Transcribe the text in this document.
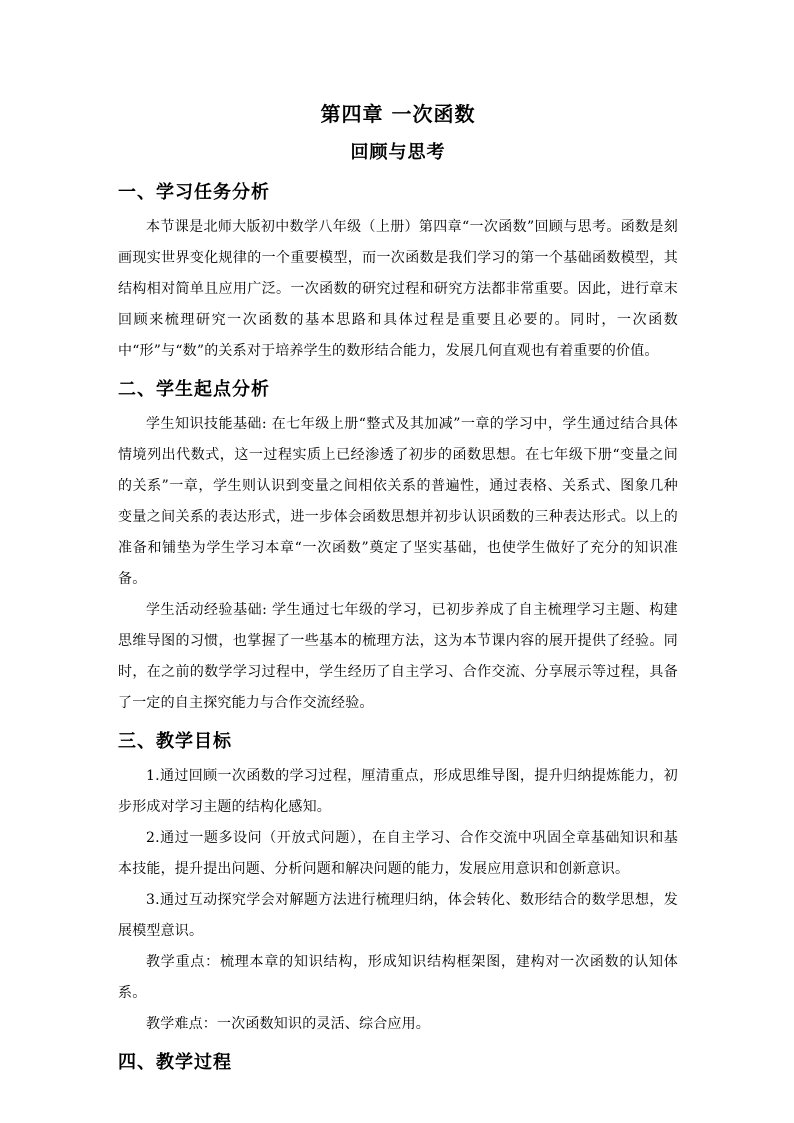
第四章 一次函数
回顾与思考
一、学习任务分析

本节课是北师大版初中数学八年级（上册）第四章“一次函数”回顾与思考。函数是刻画现实世界变化规律的一个重要模型，而一次函数是我们学习的第一个基础函数模型，其结构相对简单且应用广泛。一次函数的研究过程和研究方法都非常重要。因此，进行章末回顾来梳理研究一次函数的基本思路和具体过程是重要且必要的。同时，一次函数中“形”与“数”的关系对于培养学生的数形结合能力，发展几何直观也有着重要的价值。

二、学生起点分析

学生知识技能基础: 在七年级上册“整式及其加减”一章的学习中，学生通过结合具体情境列出代数式，这一过程实质上已经渗透了初步的函数思想。在七年级下册“变量之间的关系”一章，学生则认识到变量之间相依关系的普遍性，通过表格、关系式、图象几种变量之间关系的表达形式，进一步体会函数思想并初步认识函数的三种表达形式。以上的准备和铺垫为学生学习本章“一次函数”奠定了坚实基础，也使学生做好了充分的知识准备。

学生活动经验基础: 学生通过七年级的学习，已初步养成了自主梳理学习主题、构建思维导图的习惯，也掌握了一些基本的梳理方法，这为本节课内容的展开提供了经验。同时，在之前的数学学习过程中，学生经历了自主学习、合作交流、分享展示等过程，具备了一定的自主探究能力与合作交流经验。

三、教学目标

1.通过回顾一次函数的学习过程，厘清重点，形成思维导图，提升归纳提炼能力，初步形成对学习主题的结构化感知。

2.通过一题多设问（开放式问题），在自主学习、合作交流中巩固全章基础知识和基本技能，提升提出问题、分析问题和解决问题的能力，发展应用意识和创新意识。

3.通过互动探究学会对解题方法进行梳理归纳，体会转化、数形结合的数学思想，发展模型意识。

教学重点：梳理本章的知识结构，形成知识结构框架图，建构对一次函数的认知体系。

教学难点：一次函数知识的灵活、综合应用。

四、教学过程
